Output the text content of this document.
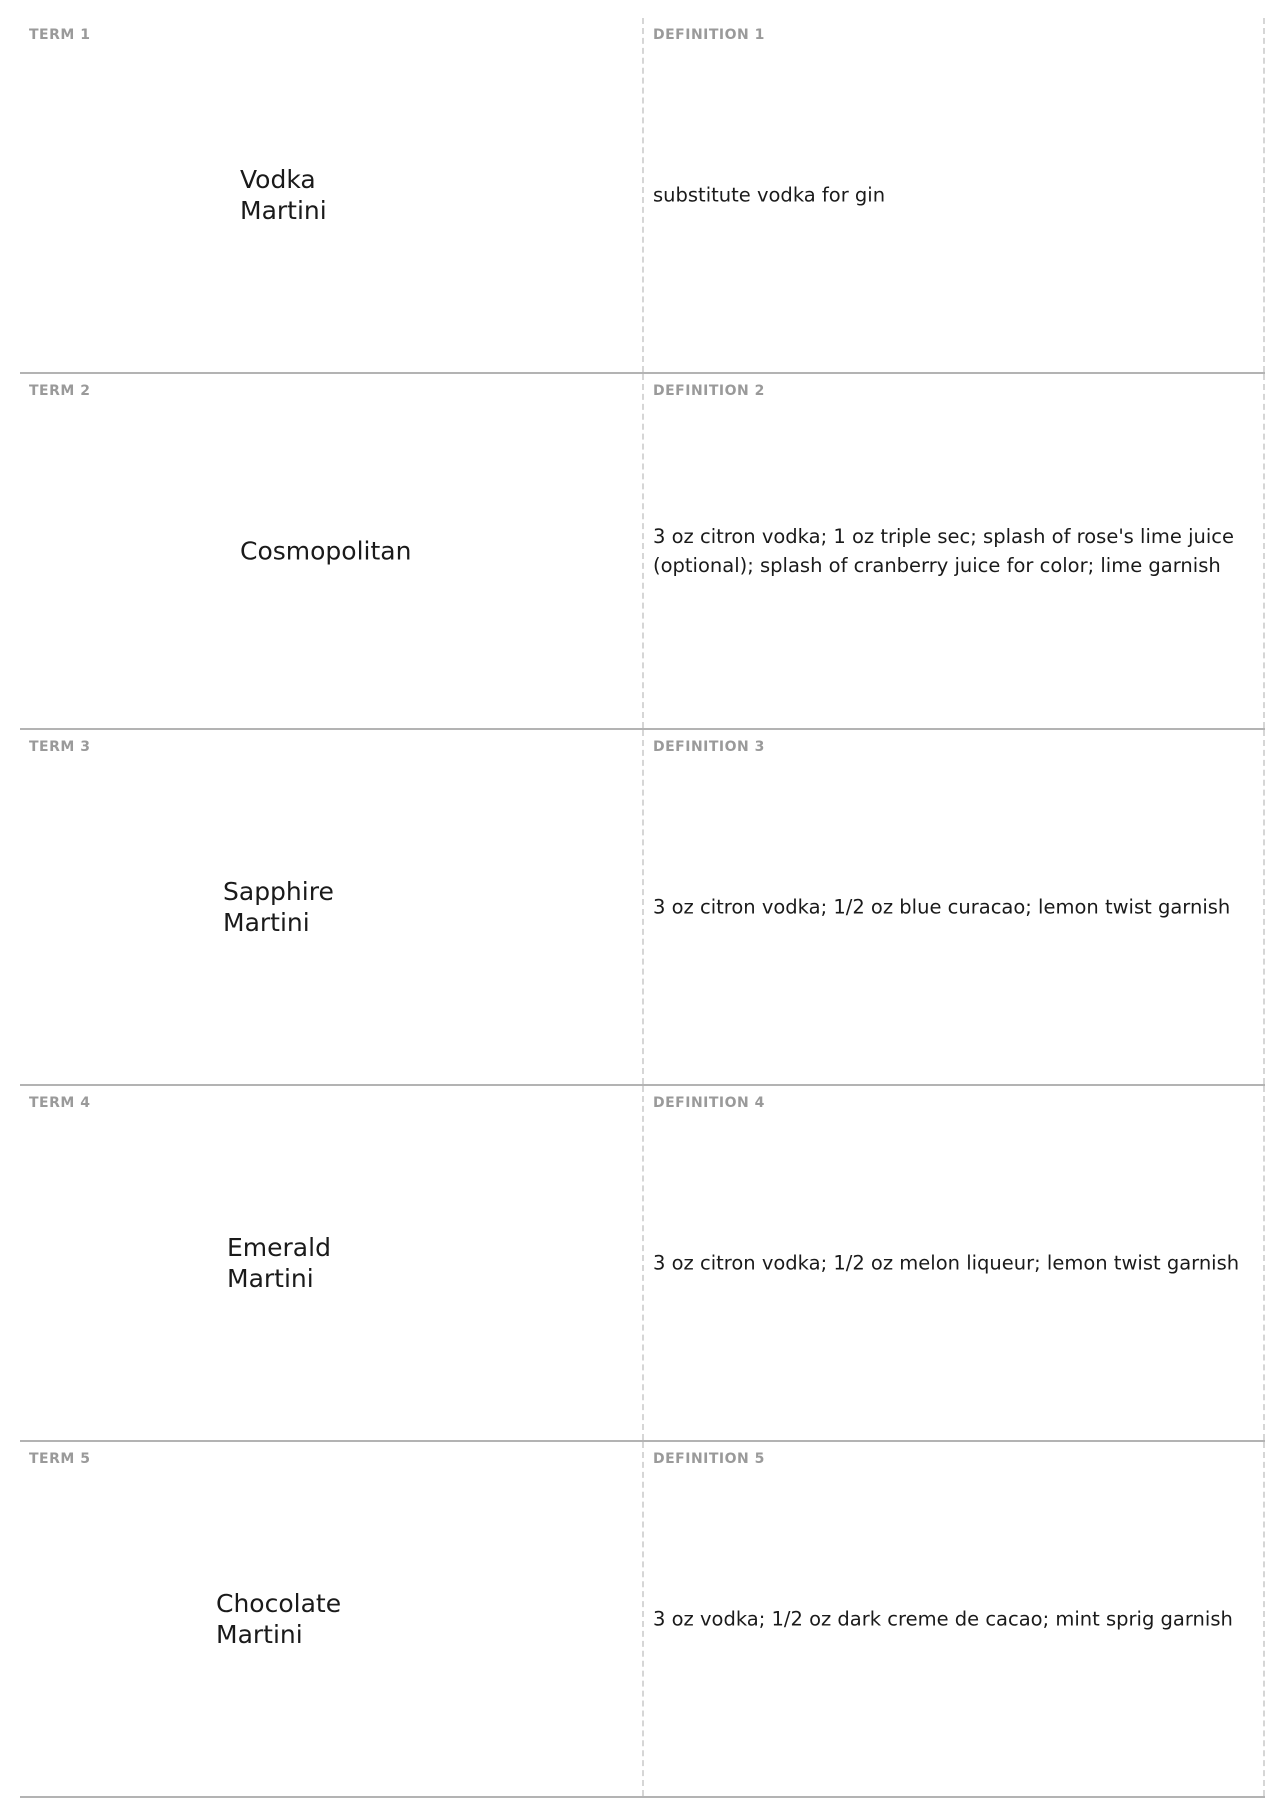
TERM 1
Vodka
Martini
DEFINITION 1
substitute vodka for gin
TERM 2
Cosmopolitan
DEFINITION 2
3 oz citron vodka; 1 oz triple sec; splash of rose's lime juice (optional); splash of cranberry juice for color; lime garnish
TERM 3
Sapphire
Martini
DEFINITION 3
3 oz citron vodka; 1/2 oz blue curacao; lemon twist garnish
TERM 4
Emerald
Martini
DEFINITION 4
3 oz citron vodka; 1/2 oz melon liqueur; lemon twist garnish
TERM 5
Chocolate
Martini
DEFINITION 5
3 oz vodka; 1/2 oz dark creme de cacao; mint sprig garnish
